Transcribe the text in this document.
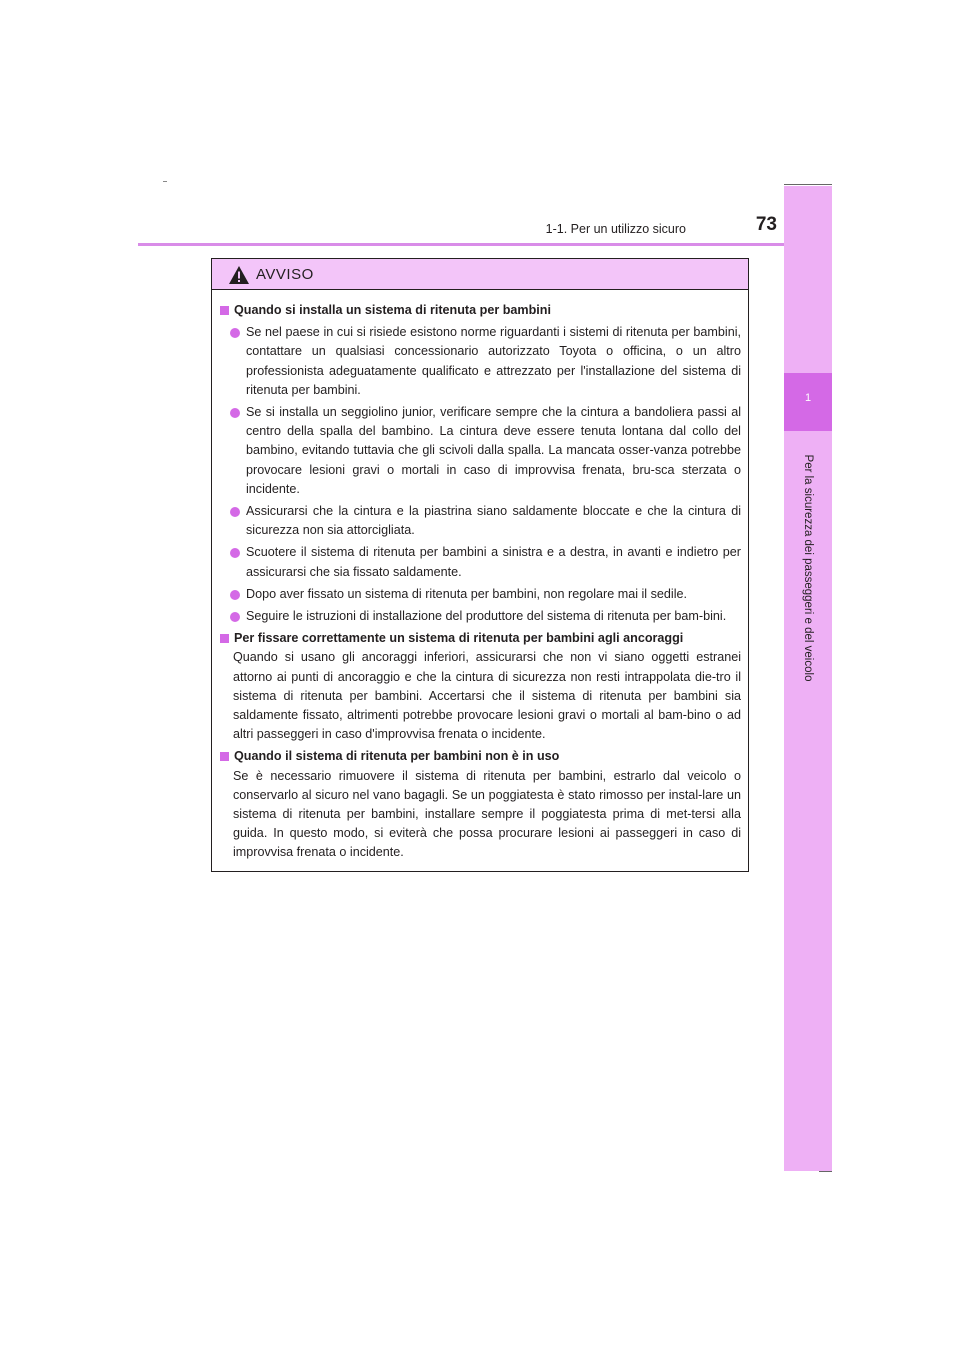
1-1. Per un utilizzo sicuro	73
1
Per la sicurezza dei passeggeri e del veicolo
AVVISO
Quando si installa un sistema di ritenuta per bambini
Se nel paese in cui si risiede esistono norme riguardanti i sistemi di ritenuta per bambini, contattare un qualsiasi concessionario autorizzato Toyota o officina, o un altro professionista adeguatamente qualificato e attrezzato per l'installazione del sistema di ritenuta per bambini.
Se si installa un seggiolino junior, verificare sempre che la cintura a bandoliera passi al centro della spalla del bambino. La cintura deve essere tenuta lontana dal collo del bambino, evitando tuttavia che gli scivoli dalla spalla. La mancata osser-vanza potrebbe provocare lesioni gravi o mortali in caso di improvvisa frenata, bru-sca sterzata o incidente.
Assicurarsi che la cintura e la piastrina siano saldamente bloccate e che la cintura di sicurezza non sia attorcigliata.
Scuotere il sistema di ritenuta per bambini a sinistra e a destra, in avanti e indietro per assicurarsi che sia fissato saldamente.
Dopo aver fissato un sistema di ritenuta per bambini, non regolare mai il sedile.
Seguire le istruzioni di installazione del produttore del sistema di ritenuta per bam-bini.
Per fissare correttamente un sistema di ritenuta per bambini agli ancoraggi
Quando si usano gli ancoraggi inferiori, assicurarsi che non vi siano oggetti estranei attorno ai punti di ancoraggio e che la cintura di sicurezza non resti intrappolata die-tro il sistema di ritenuta per bambini. Accertarsi che il sistema di ritenuta per bambini sia saldamente fissato, altrimenti potrebbe provocare lesioni gravi o mortali al bam-bino o ad altri passeggeri in caso d'improvvisa frenata o incidente.
Quando il sistema di ritenuta per bambini non è in uso
Se è necessario rimuovere il sistema di ritenuta per bambini, estrarlo dal veicolo o conservarlo al sicuro nel vano bagagli. Se un poggiatesta è stato rimosso per instal-lare un sistema di ritenuta per bambini, installare sempre il poggiatesta prima di met-tersi alla guida. In questo modo, si eviterà che possa procurare lesioni ai passeggeri in caso di improvvisa frenata o incidente.
